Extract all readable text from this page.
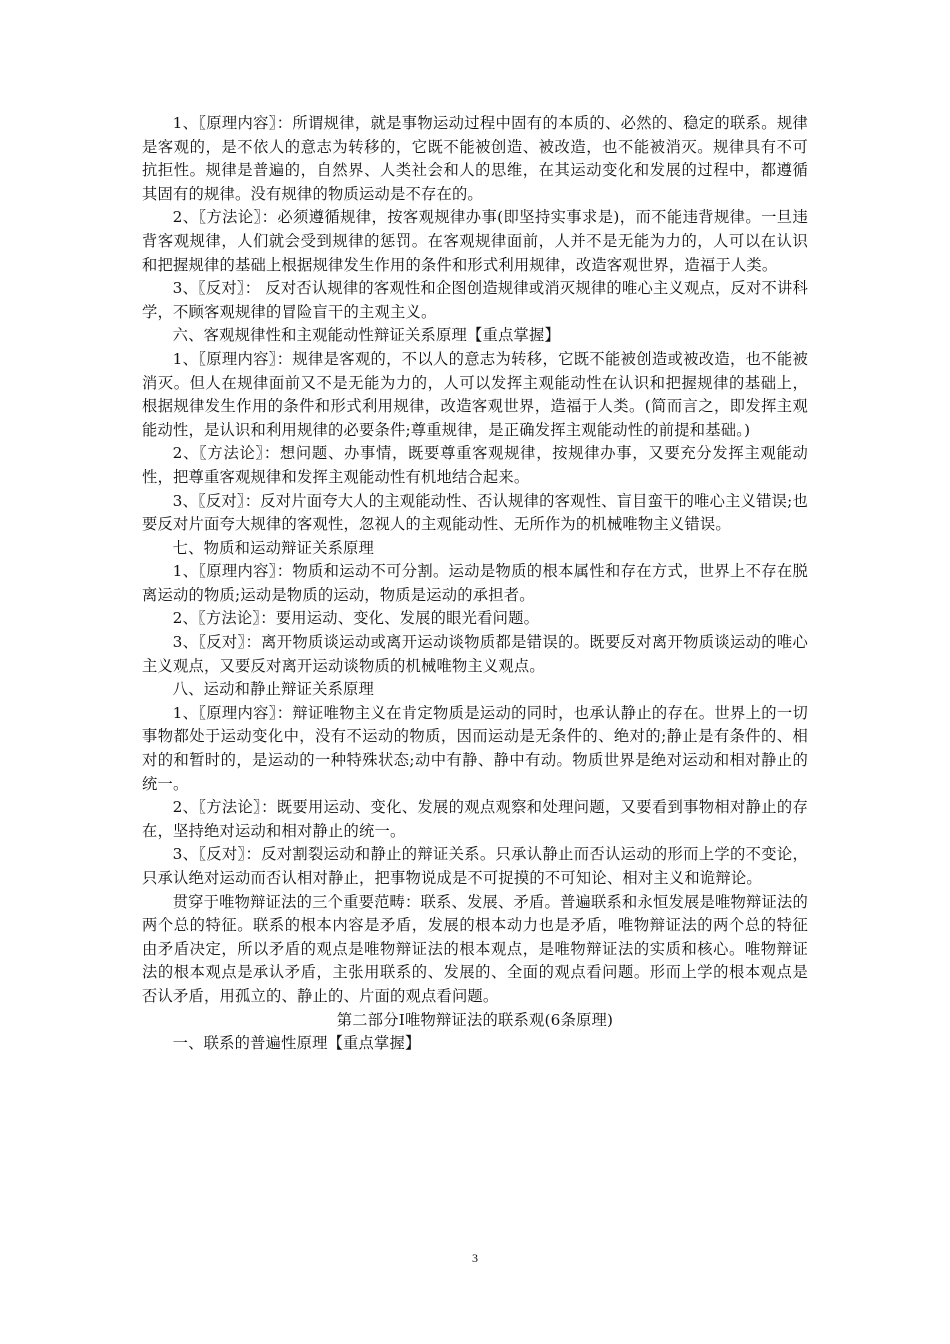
1、〖原理内容〗：所谓规律，就是事物运动过程中固有的本质的、必然的、稳定的联系。规律是客观的，是不依人的意志为转移的，它既不能被创造、被改造，也不能被消灭。规律具有不可抗拒性。规律是普遍的，自然界、人类社会和人的思维，在其运动变化和发展的过程中，都遵循其固有的规律。没有规律的物质运动是不存在的。

2、〖方法论〗：必须遵循规律，按客观规律办事(即坚持实事求是)，而不能违背规律。一旦违背客观规律，人们就会受到规律的惩罚。在客观规律面前，人并不是无能为力的，人可以在认识和把握规律的基础上根据规律发生作用的条件和形式利用规律，改造客观世界，造福于人类。

3、〖反对〗： 反对否认规律的客观性和企图创造规律或消灭规律的唯心主义观点，反对不讲科学，不顾客观规律的冒险盲干的主观主义。

六、客观规律性和主观能动性辩证关系原理【重点掌握】

1、〖原理内容〗：规律是客观的，不以人的意志为转移，它既不能被创造或被改造，也不能被消灭。但人在规律面前又不是无能为力的，人可以发挥主观能动性在认识和把握规律的基础上，根据规律发生作用的条件和形式利用规律，改造客观世界，造福于人类。(简而言之，即发挥主观能动性，是认识和利用规律的必要条件;尊重规律，是正确发挥主观能动性的前提和基础。)

2、〖方法论〗：想问题、办事情，既要尊重客观规律，按规律办事，又要充分发挥主观能动性，把尊重客观规律和发挥主观能动性有机地结合起来。

3、〖反对〗：反对片面夸大人的主观能动性、否认规律的客观性、盲目蛮干的唯心主义错误;也要反对片面夸大规律的客观性，忽视人的主观能动性、无所作为的机械唯物主义错误。

七、物质和运动辩证关系原理

1、〖原理内容〗：物质和运动不可分割。运动是物质的根本属性和存在方式，世界上不存在脱离运动的物质;运动是物质的运动，物质是运动的承担者。

2、〖方法论〗：要用运动、变化、发展的眼光看问题。

3、〖反对〗：离开物质谈运动或离开运动谈物质都是错误的。既要反对离开物质谈运动的唯心主义观点，又要反对离开运动谈物质的机械唯物主义观点。

八、运动和静止辩证关系原理

1、〖原理内容〗：辩证唯物主义在肯定物质是运动的同时，也承认静止的存在。世界上的一切事物都处于运动变化中，没有不运动的物质，因而运动是无条件的、绝对的;静止是有条件的、相对的和暂时的，是运动的一种特殊状态;动中有静、静中有动。物质世界是绝对运动和相对静止的统一。

2、〖方法论〗：既要用运动、变化、发展的观点观察和处理问题，又要看到事物相对静止的存在，坚持绝对运动和相对静止的统一。

3、〖反对〗：反对割裂运动和静止的辩证关系。只承认静止而否认运动的形而上学的不变论，只承认绝对运动而否认相对静止，把事物说成是不可捉摸的不可知论、相对主义和诡辩论。

贯穿于唯物辩证法的三个重要范畴：联系、发展、矛盾。普遍联系和永恒发展是唯物辩证法的两个总的特征。联系的根本内容是矛盾，发展的根本动力也是矛盾，唯物辩证法的两个总的特征由矛盾决定，所以矛盾的观点是唯物辩证法的根本观点，是唯物辩证法的实质和核心。唯物辩证法的根本观点是承认矛盾，主张用联系的、发展的、全面的观点看问题。形而上学的根本观点是否认矛盾，用孤立的、静止的、片面的观点看问题。

第二部分Ⅰ唯物辩证法的联系观(6条原理)

一、联系的普遍性原理【重点掌握】

3
